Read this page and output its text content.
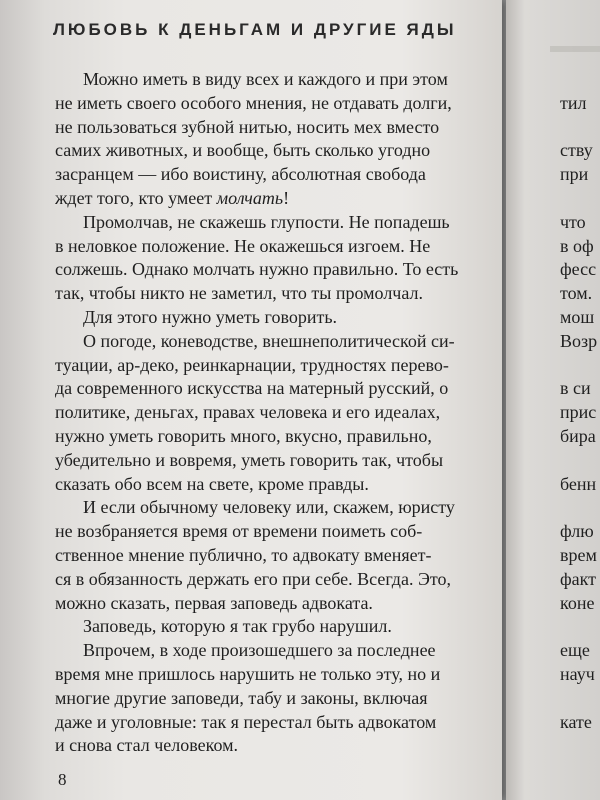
ЛЮБОВЬ К ДЕНЬГАМ И ДРУГИЕ ЯДЫ
Можно иметь в виду всех и каждого и при этом
не иметь своего особого мнения, не отдавать долги,
не пользоваться зубной нитью, носить мех вместо
самих животных, и вообще, быть сколько угодно
засранцем — ибо воистину, абсолютная свобода
ждет того, кто умеет молчать!
Промолчав, не скажешь глупости. Не попадешь
в неловкое положение. Не окажешься изгоем. Не
солжешь. Однако молчать нужно правильно. То есть
так, чтобы никто не заметил, что ты промолчал.
Для этого нужно уметь говорить.
О погоде, коневодстве, внешнеполитической си-
туации, ар-деко, реинкарнации, трудностях перево-
да современного искусства на матерный русский, о
политике, деньгах, правах человека и его идеалах,
нужно уметь говорить много, вкусно, правильно,
убедительно и вовремя, уметь говорить так, чтобы
сказать обо всем на свете, кроме правды.
И если обычному человеку или, скажем, юристу
не возбраняется время от времени поиметь соб-
ственное мнение публично, то адвокату вменяет-
ся в обязанность держать его при себе. Всегда. Это,
можно сказать, первая заповедь адвоката.
Заповедь, которую я так грубо нарушил.
Впрочем, в ходе произошедшего за последнее
время мне пришлось нарушить не только эту, но и
многие другие заповеди, табу и законы, включая
даже и уголовные: так я перестал быть адвокатом
и снова стал человеком.
8

тил

ству
при

что
в оф
фесс
том.
мош
Возр

в си
прис
бира

бенн

флю
врем
факт
коне

еще
науч

кате
